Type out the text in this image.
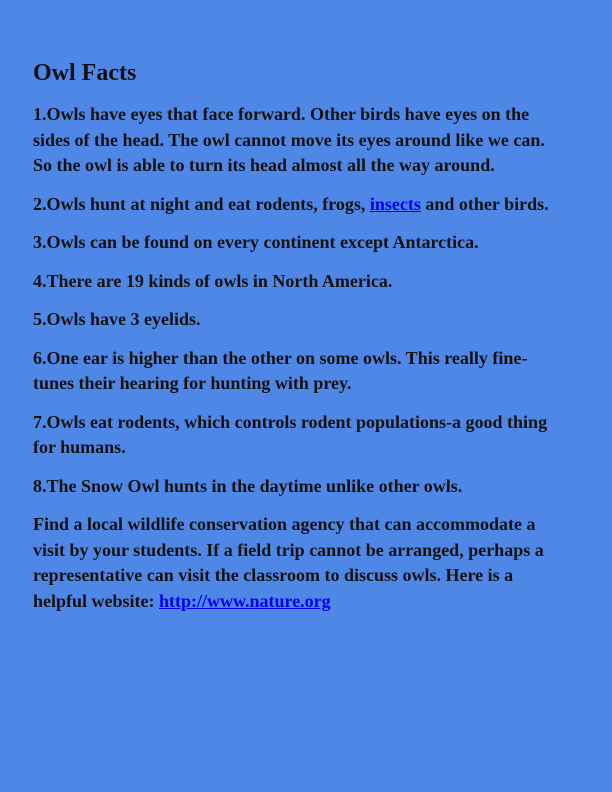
Owl Facts

1.Owls have eyes that face forward. Other birds have eyes on the sides of the head. The owl cannot move its eyes around like we can. So the owl is able to turn its head almost all the way around.

2.Owls hunt at night and eat rodents, frogs, insects and other birds.

3.Owls can be found on every continent except Antarctica.

4.There are 19 kinds of owls in North America.

5.Owls have 3 eyelids.

6.One ear is higher than the other on some owls. This really fine-tunes their hearing for hunting with prey.

7.Owls eat rodents, which controls rodent populations-a good thing for humans.

8.The Snow Owl hunts in the daytime unlike other owls.

Find a local wildlife conservation agency that can accommodate a visit by your students. If a field trip cannot be arranged, perhaps a representative can visit the classroom to discuss owls. Here is a helpful website: http://www.nature.org
